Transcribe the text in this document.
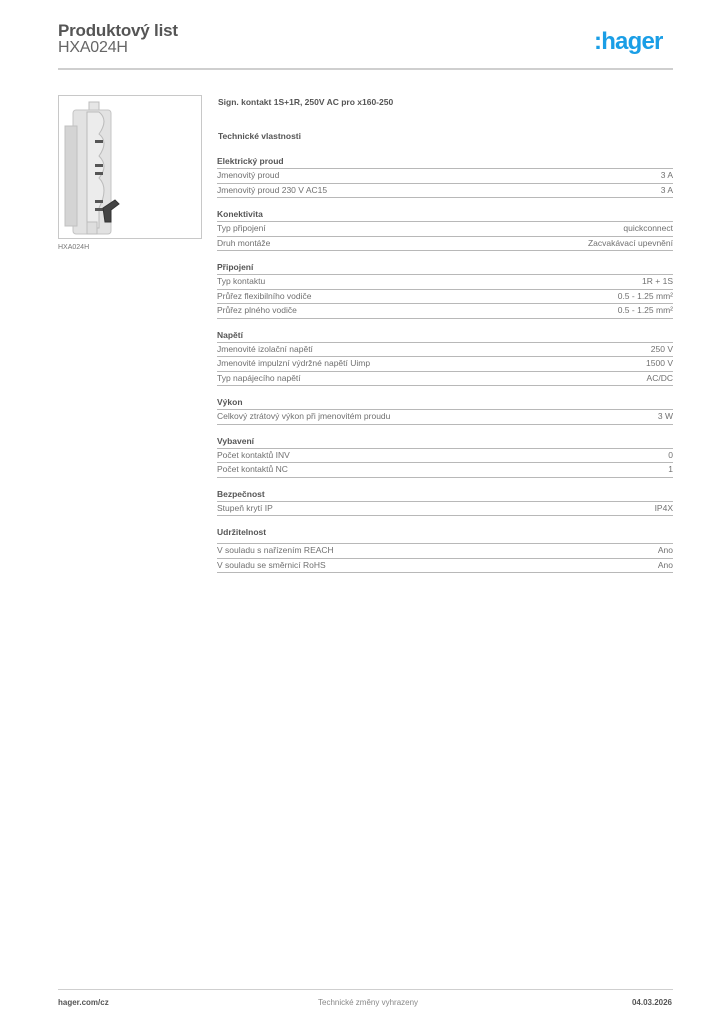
Produktový list
HXA024H	:hager
HXA024H
Sign. kontakt 1S+1R, 250V AC pro x160-250
Technické vlastnosti
Elektrický proud
Jmenovitý proud	3 A
Jmenovitý proud 230 V AC15	3 A
Konektivita
Typ připojení	quickconnect
Druh montáže	Zacvakávací upevnění
Připojení
Typ kontaktu	1R + 1S
Průřez flexibilního vodiče	0.5 - 1.25 mm²
Průřez plného vodiče	0.5 - 1.25 mm²
Napětí
Jmenovité izolační napětí	250 V
Jmenovité impulzní výdržné napětí Uimp	1500 V
Typ napájecího napětí	AC/DC
Výkon
Celkový ztrátový výkon při jmenovitém proudu	3 W
Vybavení
Počet kontaktů INV	0
Počet kontaktů NC	1
Bezpečnost
Stupeň krytí IP	IP4X
Udržitelnost
V souladu s nařízením REACH	Ano
V souladu se směrnicí RoHS	Ano
hager.com/cz	Technické změny vyhrazeny	04.03.2026
